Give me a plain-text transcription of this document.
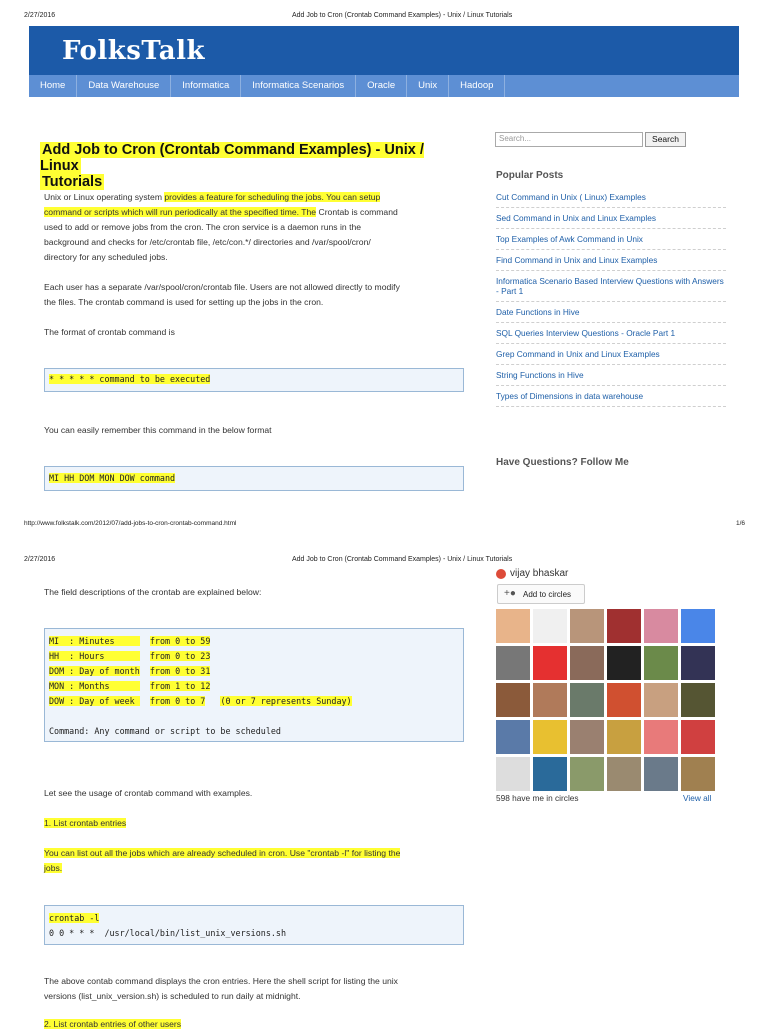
2/27/2016	Add Job to Cron (Crontab Command Examples) - Unix / Linux Tutorials
FolksTalk
Home	Data Warehouse	Informatica	Informatica Scenarios	Oracle	Unix	Hadoop
Add Job to Cron (Crontab Command Examples) - Unix / Linux
Tutorials
Unix or Linux operating system provides a feature for scheduling the jobs. You can setup
command or scripts which will run periodically at the specified time. The Crontab is command
used to add or remove jobs from the cron. The cron service is a daemon runs in the
background and checks for /etc/crontab file, /etc/con.*/ directories and /var/spool/cron/
directory for any scheduled jobs.
Each user has a separate /var/spool/cron/crontab file. Users are not allowed directly to modify
the files. The crontab command is used for setting up the jobs in the cron.
The format of crontab command is
* * * * * command to be executed
You can easily remember this command in the below format
MI HH DOM MON DOW command
Search...	Search
Popular Posts
Cut Command in Unix ( Linux) Examples
Sed Command in Unix and Linux Examples
Top Examples of Awk Command in Unix
Find Command in Unix and Linux Examples
Informatica Scenario Based Interview Questions with Answers - Part 1
Date Functions in Hive
SQL Queries Interview Questions - Oracle Part 1
Grep Command in Unix and Linux Examples
String Functions in Hive
Types of Dimensions in data warehouse
Have Questions? Follow Me
http://www.folkstalk.com/2012/07/add-jobs-to-cron-crontab-command.html	1/6
2/27/2016	Add Job to Cron (Crontab Command Examples) - Unix / Linux Tutorials
The field descriptions of the crontab are explained below:
MI  : Minutes       from 0 to 59
HH  : Hours         from 0 to 23
DOM : Day of month from 0 to 31
MON : Months        from 1 to 12
DOW : Day of week   from 0 to 7 (0 or 7 represents Sunday)

Command: Any command or script to be scheduled
Let see the usage of crontab command with examples.
1. List crontab entries
You can list out all the jobs which are already scheduled in cron. Use "crontab -l" for listing the
jobs.
crontab -l
0 0 * * *  /usr/local/bin/list_unix_versions.sh
The above contab command displays the cron entries. Here the shell script for listing the unix
versions (list_unix_version.sh) is scheduled to run daily at midnight.
2. List crontab entries of other users
vijay bhaskar
+● Add to circles
598 have me in circles	View all
